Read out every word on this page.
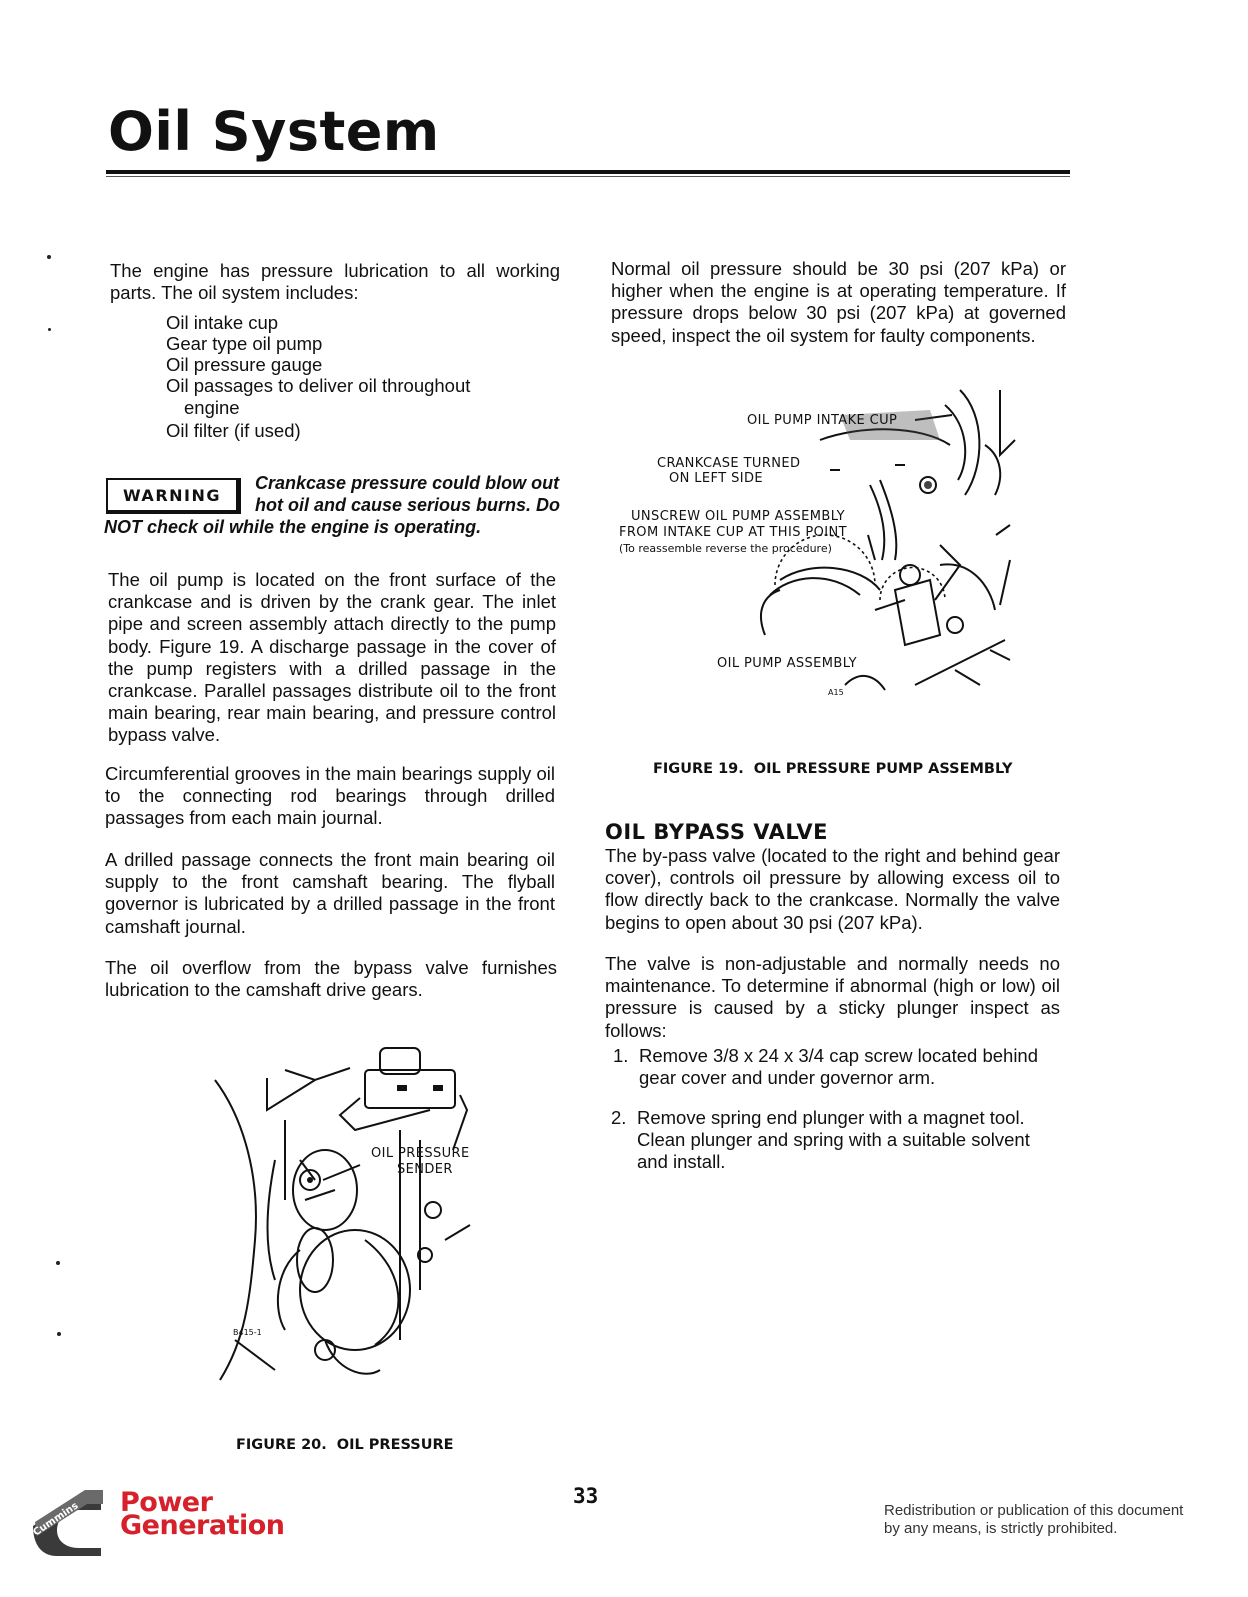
Oil System
The engine has pressure lubrication to all working parts. The oil system includes:
Oil intake cup
Gear type oil pump
Oil pressure gauge
Oil passages to deliver oil throughout
engine
Oil filter (if used)
WARNING
Crankcase pressure could blow out
hot oil and cause serious burns. Do
NOT check oil while the engine is operating.
The oil pump is located on the front surface of the crankcase and is driven by the crank gear. The inlet pipe and screen assembly attach directly to the pump body. Figure 19. A discharge passage in the cover of the pump registers with a drilled passage in the crankcase. Parallel passages distribute oil to the front main bearing, rear main bearing, and pressure control bypass valve.
Circumferential grooves in the main bearings supply oil to the connecting rod bearings through drilled passages from each main journal.
A drilled passage connects the front main bearing oil supply to the front camshaft bearing. The flyball governor is lubricated by a drilled passage in the front camshaft journal.
The oil overflow from the bypass valve furnishes lubrication to the camshaft drive gears.
OIL PRESSURE
SENDER
B415-1
FIGURE 20. OIL PRESSURE
Normal oil pressure should be 30 psi (207 kPa) or higher when the engine is at operating temperature. If pressure drops below 30 psi (207 kPa) at governed speed, inspect the oil system for faulty components.
OIL PUMP INTAKE CUP
CRANKCASE TURNED
ON LEFT SIDE
UNSCREW OIL PUMP ASSEMBLY
FROM INTAKE CUP AT THIS POINT
(To reassemble reverse the procedure)
OIL PUMP ASSEMBLY
A15
FIGURE 19. OIL PRESSURE PUMP ASSEMBLY
OIL BYPASS VALVE
The by-pass valve (located to the right and behind gear cover), controls oil pressure by allowing excess oil to flow directly back to the crankcase. Normally the valve begins to open about 30 psi (207 kPa).
The valve is non-adjustable and normally needs no maintenance. To determine if abnormal (high or low) oil pressure is caused by a sticky plunger inspect as follows:
1. Remove 3/8 x 24 x 3/4 cap screw located behind gear cover and under governor arm.
2. Remove spring end plunger with a magnet tool. Clean plunger and spring with a suitable solvent and install.
33
Cummins Power
Generation	Redistribution or publication of this document
by any means, is strictly prohibited.
